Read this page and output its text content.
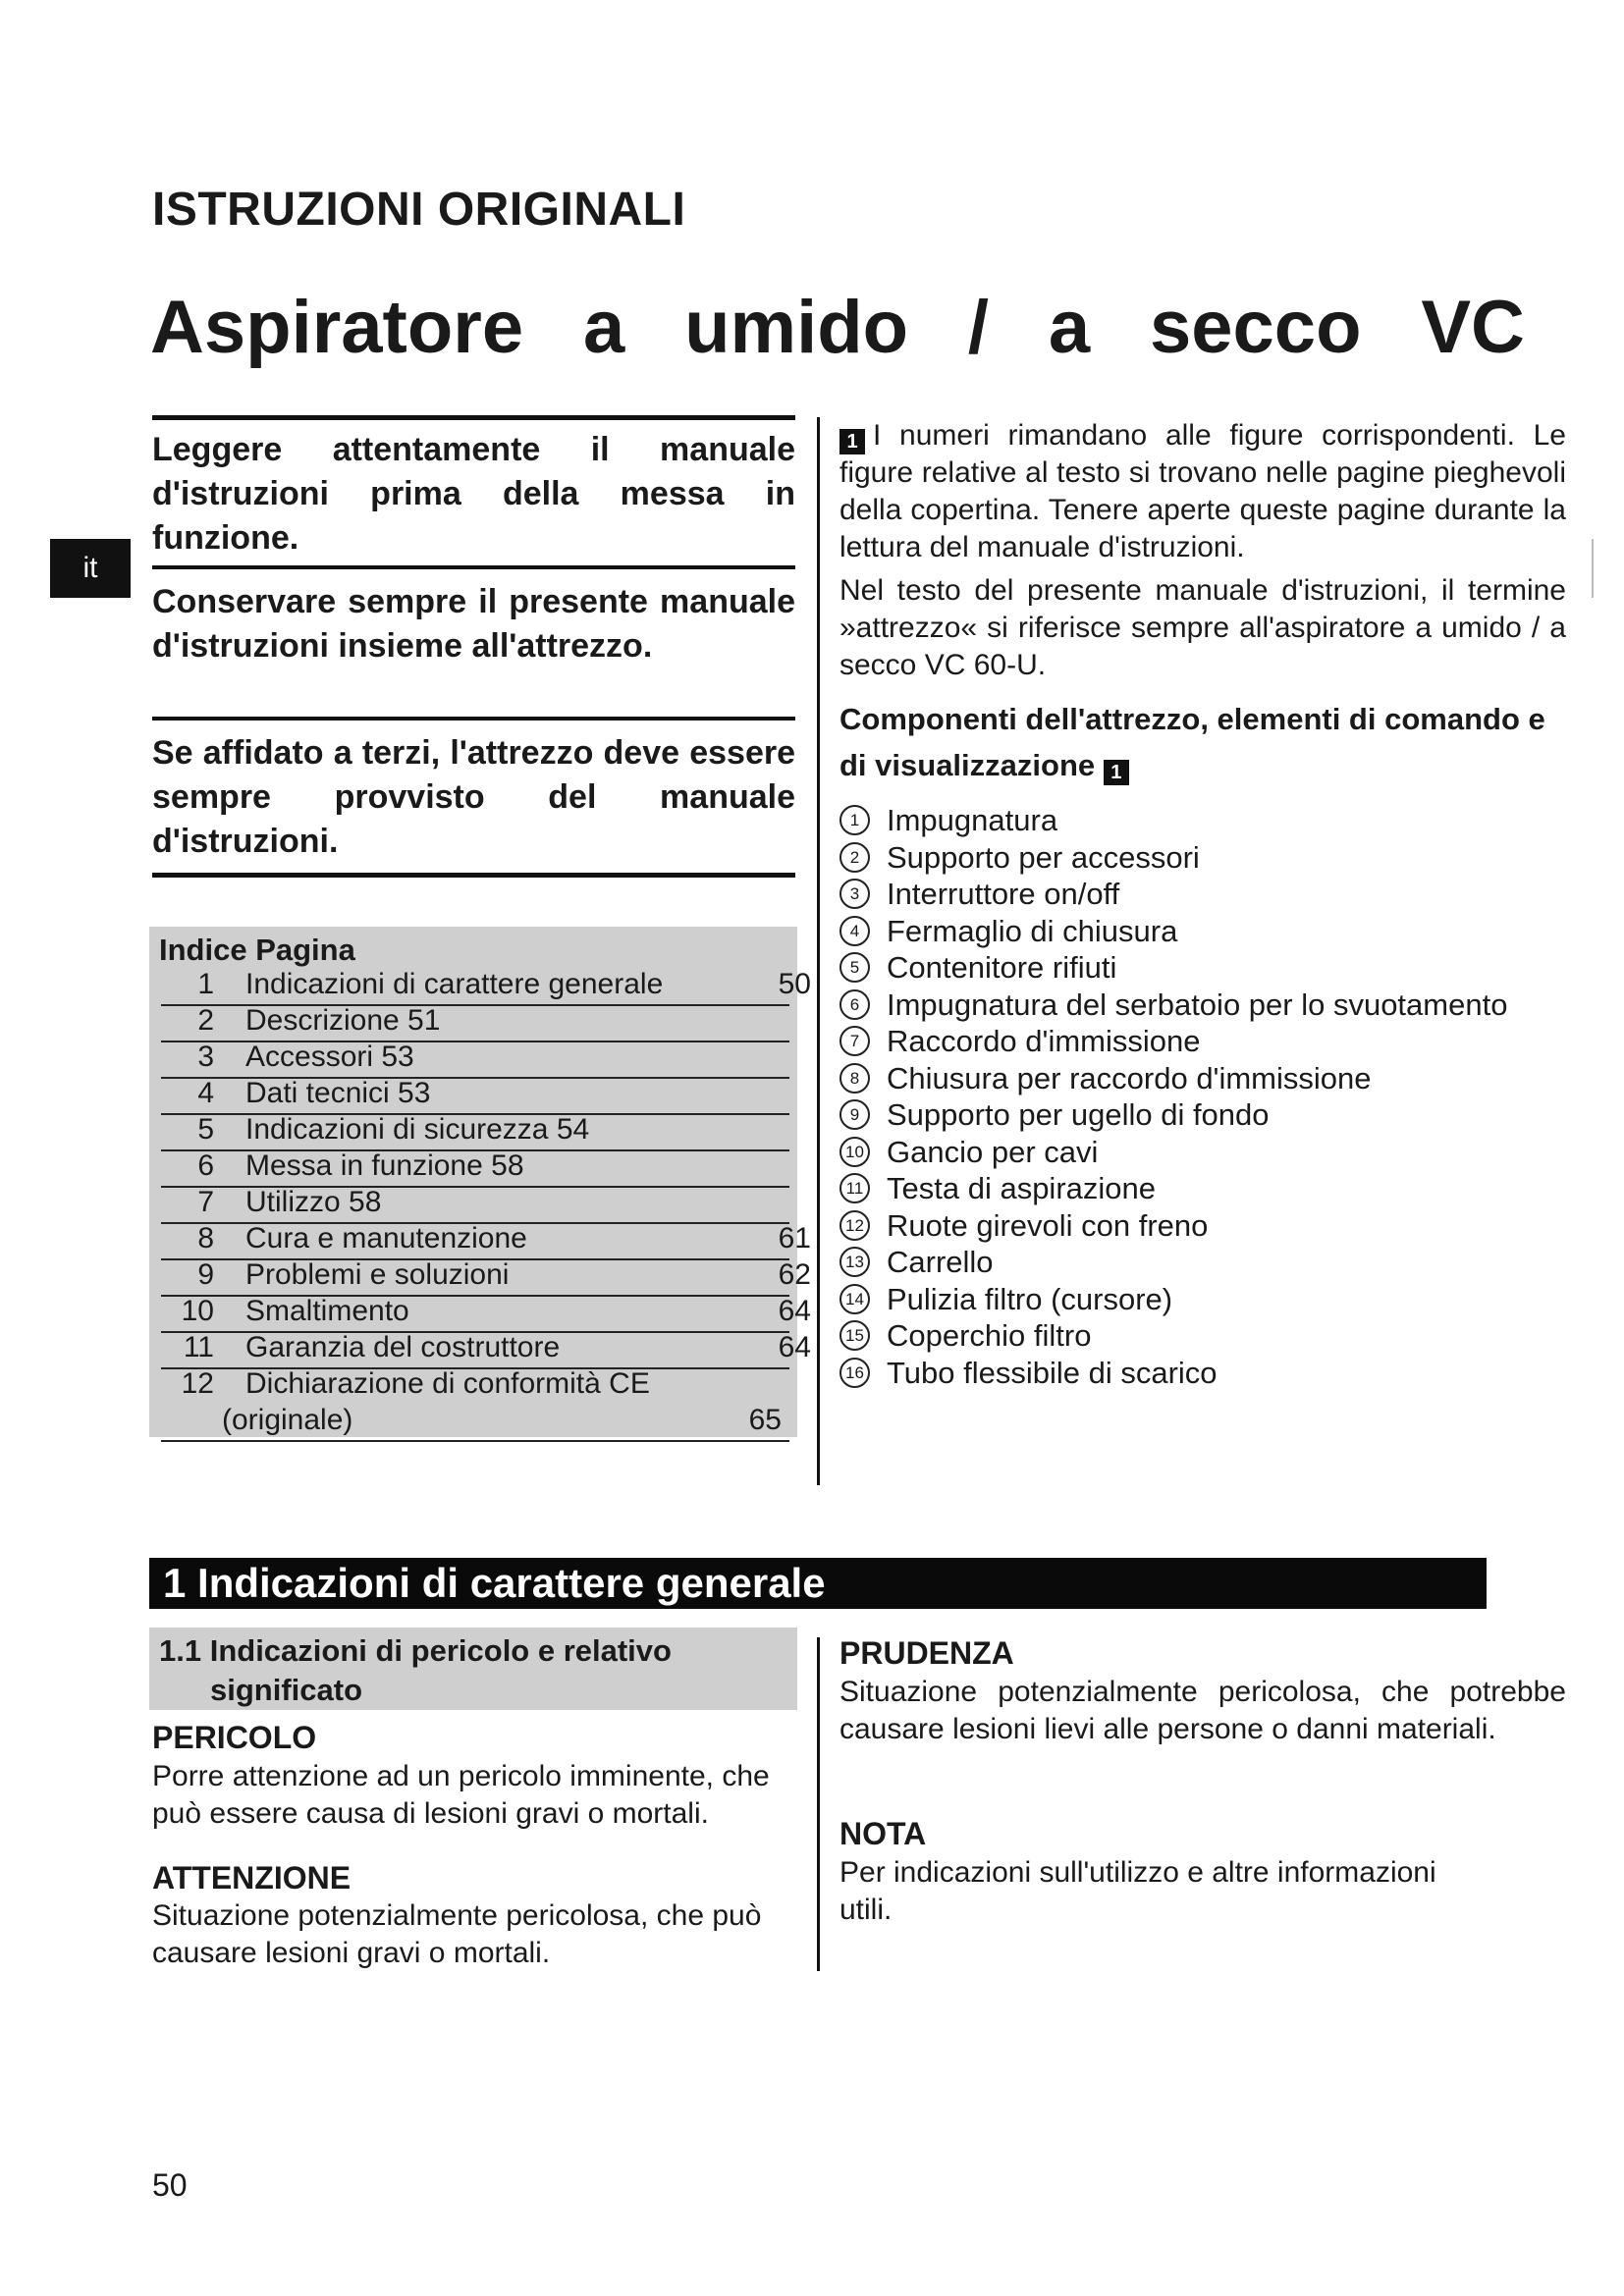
ISTRUZIONI ORIGINALI
Aspiratore a umido / a secco VC
it
Leggere attentamente il manuale d'istruzioni prima della messa in funzione.
Conservare sempre il presente manuale d'istruzioni insieme all'attrezzo.
Se affidato a terzi, l'attrezzo deve essere sempre provvisto del manuale d'istruzioni.
Indice Pagina
1 Indicazioni di carattere generale	50
2 Descrizione 51
3 Accessori 53
4 Dati tecnici 53
5 Indicazioni di sicurezza 54
6 Messa in funzione 58
7 Utilizzo 58
8 Cura e manutenzione	61
9 Problemi e soluzioni	62
10 Smaltimento	64
11 Garanzia del costruttore	64
12 Dichiarazione di conformità CE
(originale)	65
1 I numeri rimandano alle figure corrispondenti. Le figure relative al testo si trovano nelle pagine pieghevoli della copertina. Tenere aperte queste pagine durante la lettura del manuale d'istruzioni.
Nel testo del presente manuale d'istruzioni, il termine »attrezzo« si riferisce sempre all'aspiratore a umido / a secco VC 60-U.
Componenti dell'attrezzo, elementi di comando e di visualizzazione 1
1 Impugnatura
2 Supporto per accessori
3 Interruttore on/off
4 Fermaglio di chiusura
5 Contenitore rifiuti
6 Impugnatura del serbatoio per lo svuotamento
7 Raccordo d'immissione
8 Chiusura per raccordo d'immissione
9 Supporto per ugello di fondo
10 Gancio per cavi
11 Testa di aspirazione
12 Ruote girevoli con freno
13 Carrello
14 Pulizia filtro (cursore)
15 Coperchio filtro
16 Tubo flessibile di scarico
1 Indicazioni di carattere generale
1.1 Indicazioni di pericolo e relativo
significato
PERICOLO
Porre attenzione ad un pericolo imminente, che può essere causa di lesioni gravi o mortali.
ATTENZIONE
Situazione potenzialmente pericolosa, che può causare lesioni gravi o mortali.
PRUDENZA
Situazione potenzialmente pericolosa, che potrebbe causare lesioni lievi alle persone o danni materiali.
NOTA
Per indicazioni sull'utilizzo e altre informazioni utili.
50
